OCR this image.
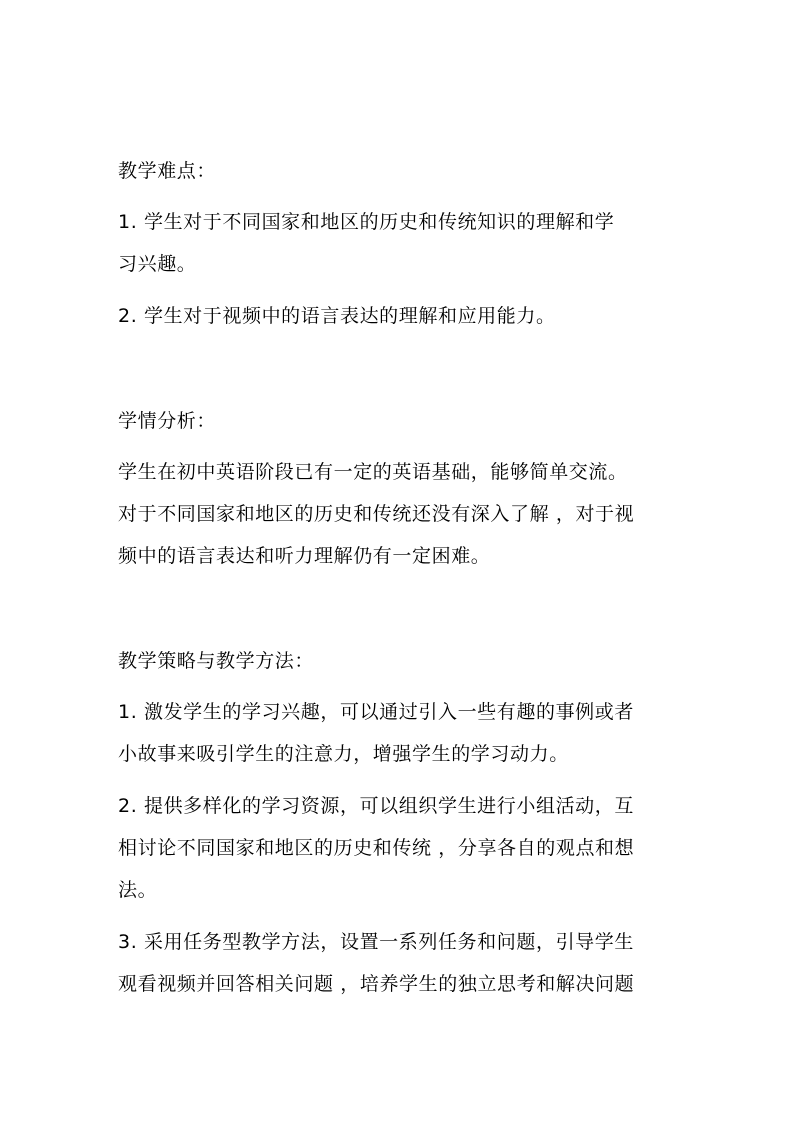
教学难点：
1. 学生对于不同国家和地区的历史和传统知识的理解和学
习兴趣。
2. 学生对于视频中的语言表达的理解和应用能力。
学情分析：
学生在初中英语阶段已有一定的英语基础，能够简单交流。
对于不同国家和地区的历史和传统还没有深入了解 ，对于视
频中的语言表达和听力理解仍有一定困难。
教学策略与教学方法：
1. 激发学生的学习兴趣，可以通过引入一些有趣的事例或者
小故事来吸引学生的注意力，增强学生的学习动力。
2. 提供多样化的学习资源，可以组织学生进行小组活动，互
相讨论不同国家和地区的历史和传统 ，分享各自的观点和想
法。
3. 采用任务型教学方法，设置一系列任务和问题，引导学生
观看视频并回答相关问题 ，培养学生的独立思考和解决问题
